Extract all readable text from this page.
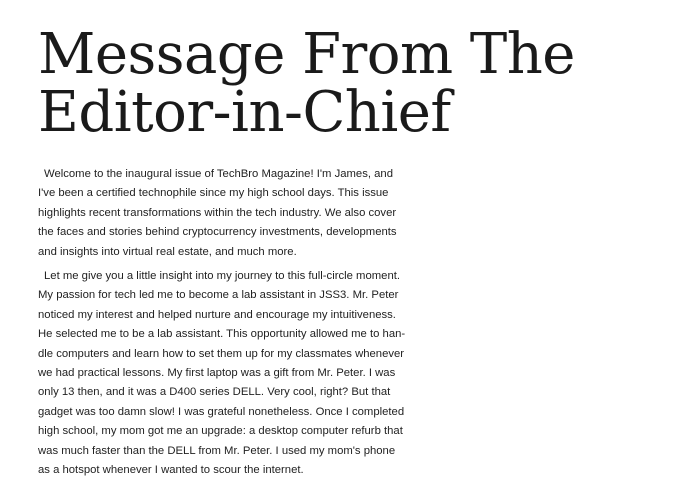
Message From The
Editor-in-Chief

Welcome to the inaugural issue of TechBro Magazine! I'm James, and
I've been a certified technophile since my high school days. This issue
highlights recent transformations within the tech industry. We also cover
the faces and stories behind cryptocurrency investments, developments
and insights into virtual real estate, and much more.

Let me give you a little insight into my journey to this full-circle moment.
My passion for tech led me to become a lab assistant in JSS3. Mr. Peter
noticed my interest and helped nurture and encourage my intuitiveness.
He selected me to be a lab assistant. This opportunity allowed me to han-
dle computers and learn how to set them up for my classmates whenever
we had practical lessons. My first laptop was a gift from Mr. Peter. I was
only 13 then, and it was a D400 series DELL. Very cool, right? But that
gadget was too damn slow! I was grateful nonetheless. Once I completed
high school, my mom got me an upgrade: a desktop computer refurb that
was much faster than the DELL from Mr. Peter. I used my mom's phone
as a hotspot whenever I wanted to scour the internet.
